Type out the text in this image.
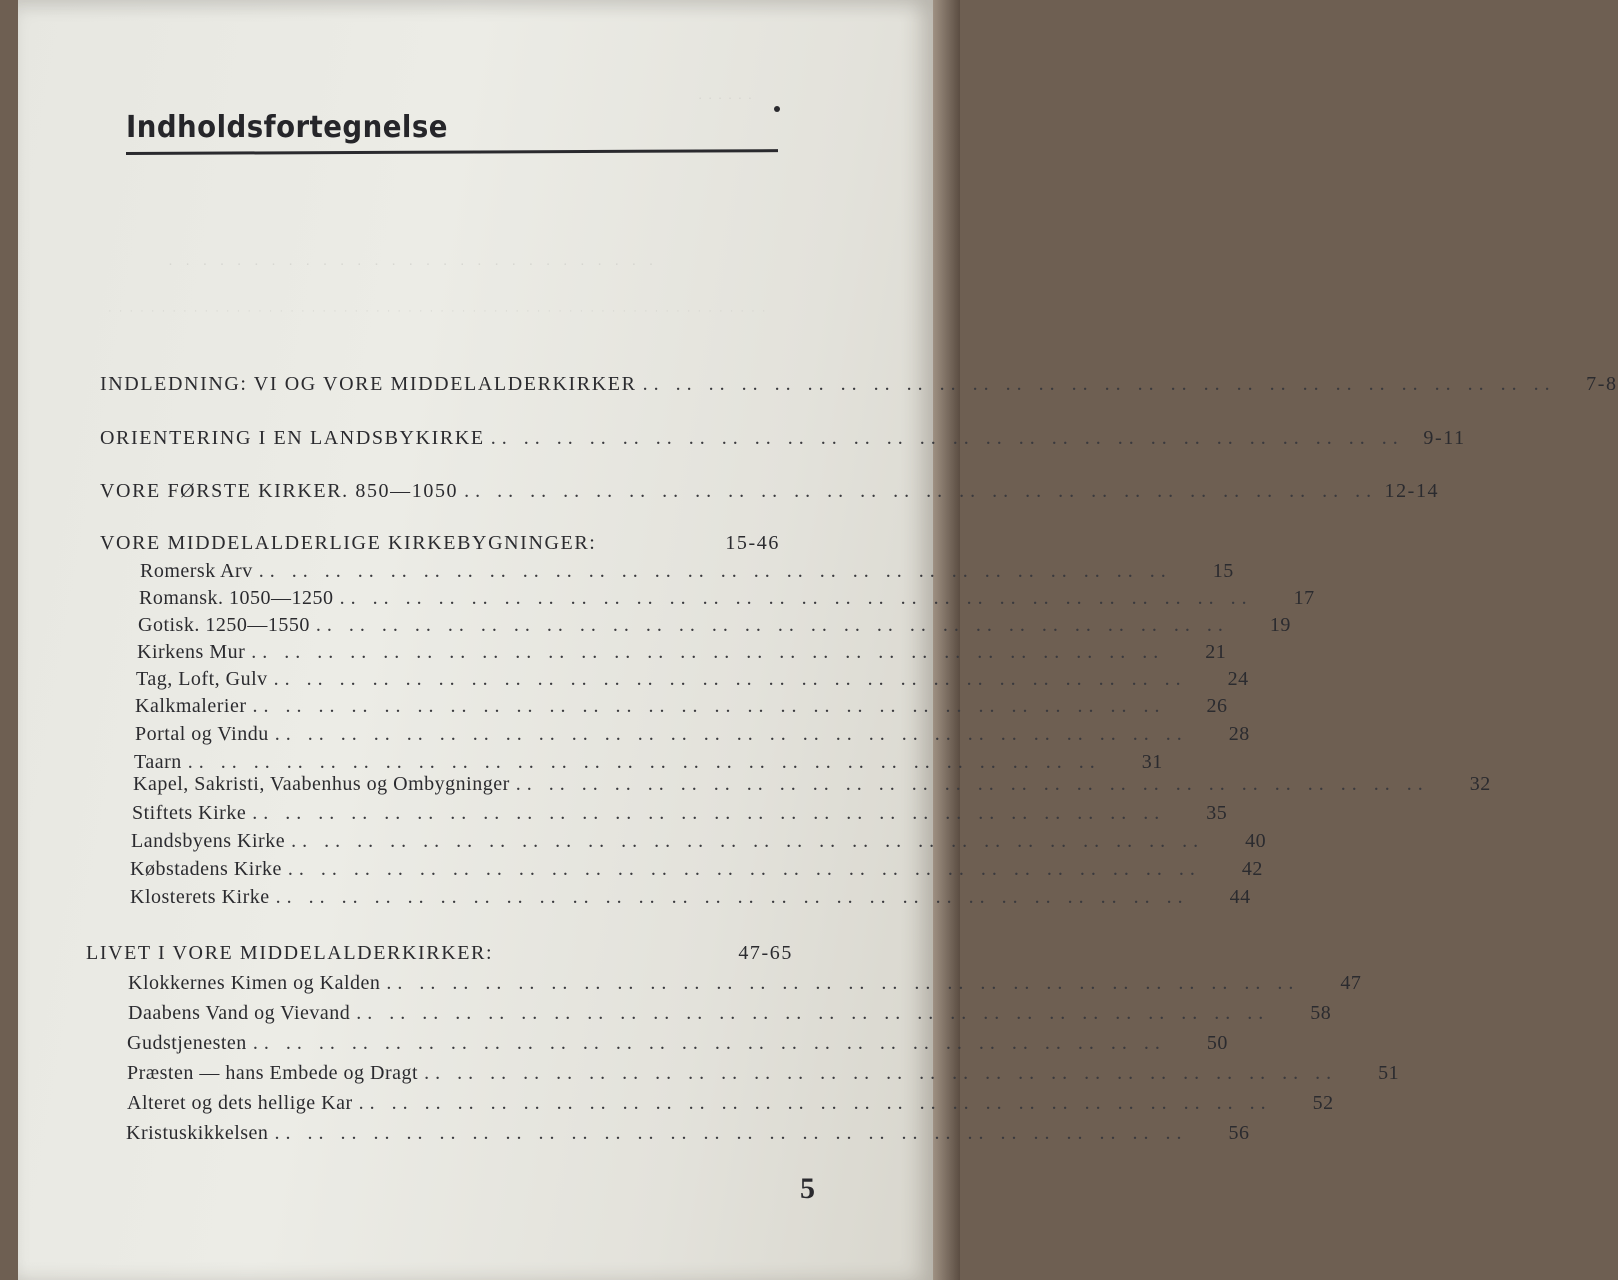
· · · · · ·
· · · · · · · · · · · · · · · · · · · · · · · · · · · · ·
· · · · · · · · · · · · · · · · · · · · · · · · · · · · · · · · · · · · · · · · · · · · · · · · · · · · · · · · · · · · · ·
Indholdsfortegnelse
INDLEDNING: VI OG VORE MIDDELALDERKIRKER .. .. .. .. .. .. .. .. .. .. .. .. .. .. .. .. .. .. .. .. .. .. .. .. .. .. .. ..	7-8
ORIENTERING I EN LANDSBYKIRKE .. .. .. .. .. .. .. .. .. .. .. .. .. .. .. .. .. .. .. .. .. .. .. .. .. .. .. .. 9-11
VORE FØRSTE KIRKER. 850—1050 .. .. .. .. .. .. .. .. .. .. .. .. .. .. .. .. .. .. .. .. .. .. .. .. .. .. .. .. 12-14
VORE MIDDELALDERLIGE KIRKEBYGNINGER:	15-46
Romersk Arv .. .. .. .. .. .. .. .. .. .. .. .. .. .. .. .. .. .. .. .. .. .. .. .. .. .. .. ..	15
Romansk. 1050—1250 .. .. .. .. .. .. .. .. .. .. .. .. .. .. .. .. .. .. .. .. .. .. .. .. .. .. .. ..	17
Gotisk. 1250—1550 .. .. .. .. .. .. .. .. .. .. .. .. .. .. .. .. .. .. .. .. .. .. .. .. .. .. .. ..	19
Kirkens Mur .. .. .. .. .. .. .. .. .. .. .. .. .. .. .. .. .. .. .. .. .. .. .. .. .. .. .. ..	21
Tag, Loft, Gulv .. .. .. .. .. .. .. .. .. .. .. .. .. .. .. .. .. .. .. .. .. .. .. .. .. .. .. ..	24
Kalkmalerier .. .. .. .. .. .. .. .. .. .. .. .. .. .. .. .. .. .. .. .. .. .. .. .. .. .. .. ..	26
Portal og Vindu .. .. .. .. .. .. .. .. .. .. .. .. .. .. .. .. .. .. .. .. .. .. .. .. .. .. .. ..	28
Taarn .. .. .. .. .. .. .. .. .. .. .. .. .. .. .. .. .. .. .. .. .. .. .. .. .. .. .. ..	31
Kapel, Sakristi, Vaabenhus og Ombygninger .. .. .. .. .. .. .. .. .. .. .. .. .. .. .. .. .. .. .. .. .. .. .. .. .. .. .. ..	32
Stiftets Kirke .. .. .. .. .. .. .. .. .. .. .. .. .. .. .. .. .. .. .. .. .. .. .. .. .. .. .. ..	35
Landsbyens Kirke .. .. .. .. .. .. .. .. .. .. .. .. .. .. .. .. .. .. .. .. .. .. .. .. .. .. .. ..	40
Købstadens Kirke .. .. .. .. .. .. .. .. .. .. .. .. .. .. .. .. .. .. .. .. .. .. .. .. .. .. .. ..	42
Klosterets Kirke .. .. .. .. .. .. .. .. .. .. .. .. .. .. .. .. .. .. .. .. .. .. .. .. .. .. .. ..	44
LIVET I VORE MIDDELALDERKIRKER:	47-65
Klokkernes Kimen og Kalden .. .. .. .. .. .. .. .. .. .. .. .. .. .. .. .. .. .. .. .. .. .. .. .. .. .. .. ..	47
Daabens Vand og Vievand .. .. .. .. .. .. .. .. .. .. .. .. .. .. .. .. .. .. .. .. .. .. .. .. .. .. .. ..	58
Gudstjenesten .. .. .. .. .. .. .. .. .. .. .. .. .. .. .. .. .. .. .. .. .. .. .. .. .. .. .. ..	50
Præsten — hans Embede og Dragt .. .. .. .. .. .. .. .. .. .. .. .. .. .. .. .. .. .. .. .. .. .. .. .. .. .. .. ..	51
Alteret og dets hellige Kar .. .. .. .. .. .. .. .. .. .. .. .. .. .. .. .. .. .. .. .. .. .. .. .. .. .. .. ..	52
Kristuskikkelsen .. .. .. .. .. .. .. .. .. .. .. .. .. .. .. .. .. .. .. .. .. .. .. .. .. .. .. ..	56
5
